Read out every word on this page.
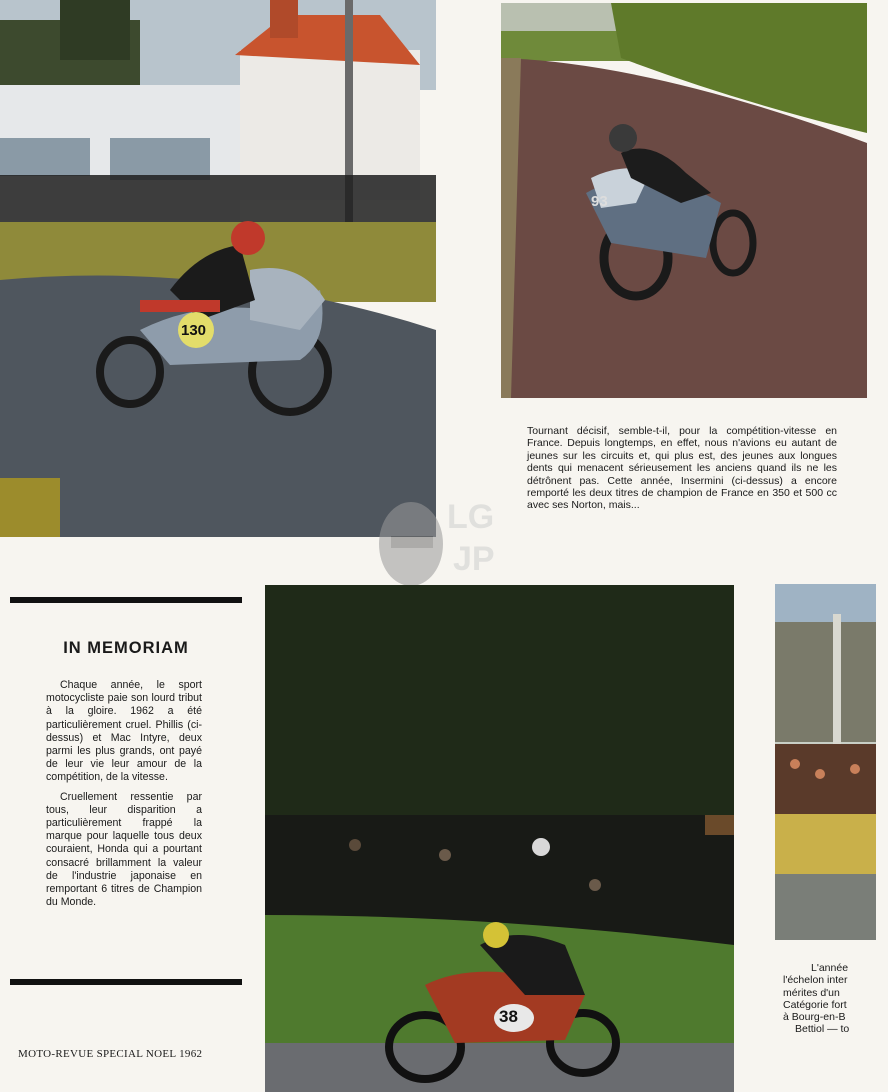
130
93
Tournant décisif, semble-t-il, pour la compétition-vitesse en France. Depuis longtemps, en effet, nous n'avions eu autant de jeunes sur les circuits et, qui plus est, des jeunes aux longues dents qui menacent sérieusement les anciens quand ils ne les détrônent pas. Cette année, Insermini (ci-dessus) a encore remporté les deux titres de champion de France en 350 et 500 cc avec ses Norton, mais...
LG
JP
IN MEMORIAM

Chaque année, le sport motocycliste paie son lourd tribut à la gloire. 1962 a été particulièrement cruel. Phillis (ci-dessus) et Mac Intyre, deux parmi les plus grands, ont payé de leur vie leur amour de la compétition, de la vitesse.

Cruellement ressentie par tous, leur disparition a particulièrement frappé la marque pour laquelle tous deux couraient, Honda qui a pourtant consacré brillamment la valeur de l'industrie japonaise en remportant 6 titres de Champion du Monde.

MOTO-REVUE SPECIAL NOEL 1962
38
L'année
l'échelon inter
mérites d'un
Catégorie fort
à Bourg-en-B
Bettiol — to
